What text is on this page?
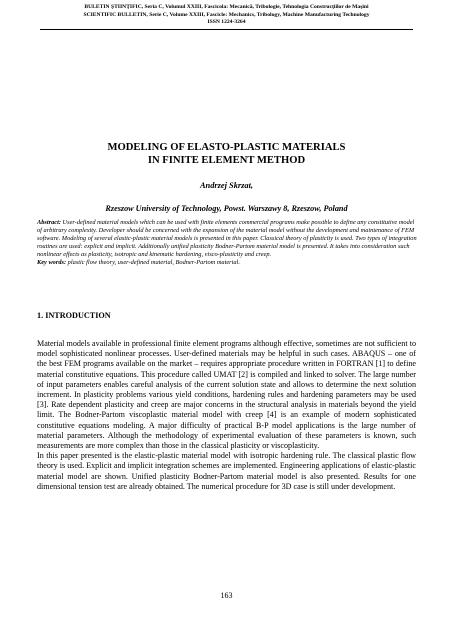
BULETIN ŞTIINŢIFIC, Seria C, Volumul XXIII, Fascicola: Mecanică, Tribologie, Tehnologia Construcţiilor de Maşini
SCIENTIFIC BULLETIN, Serie C, Volume XXIII, Fascicle: Mechanics, Tribology, Machine Manufacturing Technology
ISSN 1224-3264
MODELING OF ELASTO-PLASTIC MATERIALS
IN FINITE ELEMENT METHOD
Andrzej Skrzat,
Rzeszow University of Technology, Powst. Warszawy 8, Rzeszow, Poland
Abstract: User-defined material models which can be used with finite elements commercial programs make possible to define any constitutive model of arbitrary complexity. Developer should be concerned with the expansion of the material model without the development and maintenance of FEM software. Modeling of several elastic-plastic material models is presented in this paper. Classical theory of plasticity is used. Two types of integration routines are used: explicit and implicit. Additionally unified plasticity Bodner-Partom material model is presented. It takes into consideration such nonlinear effects as plasticity, isotropic and kinematic hardening, visco-plasticity and creep.
Key words: plastic flow theory, user-defined material, Bodner-Partom material.
1. INTRODUCTION

Material models available in professional finite element programs although effective, sometimes are not sufficient to model sophisticated nonlinear processes. User-defined materials may be helpful in such cases. ABAQUS – one of the best FEM programs available on the market – requires appropriate procedure written in FORTRAN [1] to define material constitutive equations. This procedure called UMAT [2] is compiled and linked to solver. The large number of input parameters enables careful analysis of the current solution state and allows to determine the next solution increment. In plasticity problems various yield conditions, hardening rules and hardening parameters may be used [3]. Rate dependent plasticity and creep are major concerns in the structural analysis in materials beyond the yield limit. The Bodner-Partom viscoplastic material model with creep [4] is an example of modern sophisticated constitutive equations modeling. A major difficulty of practical B-P model applications is the large number of material parameters. Although the methodology of experimental evaluation of these parameters is known, such measurements are more complex than those in the classical plasticity or viscoplasticity.

In this paper presented is the elastic-plastic material model with isotropic hardening rule. The classical plastic flow theory is used. Explicit and implicit integration schemes are implemented. Engineering applications of elastic-plastic material model are shown. Unified plasticity Bodner-Partom material model is also presented. Results for one dimensional tension test are already obtained. The numerical procedure for 3D case is still under development.

163
